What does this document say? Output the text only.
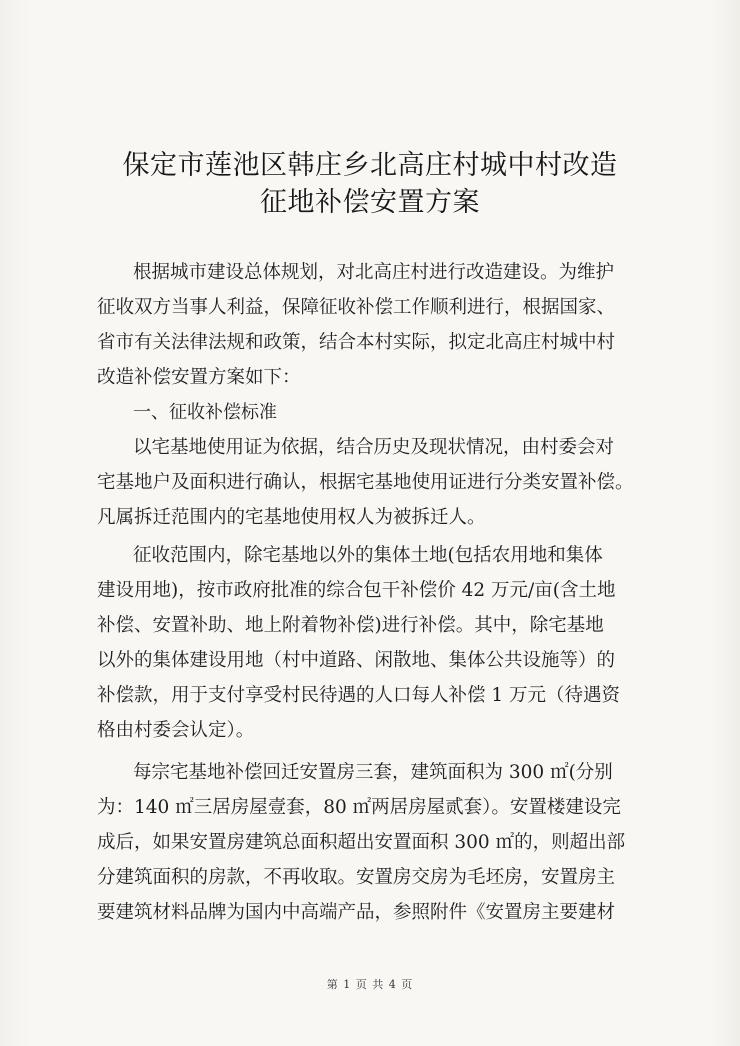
保定市莲池区韩庄乡北高庄村城中村改造
征地补偿安置方案
根据城市建设总体规划，对北高庄村进行改造建设。为维护
征收双方当事人利益，保障征收补偿工作顺利进行，根据国家、
省市有关法律法规和政策，结合本村实际，拟定北高庄村城中村
改造补偿安置方案如下：
一、征收补偿标准
以宅基地使用证为依据，结合历史及现状情况，由村委会对
宅基地户及面积进行确认，根据宅基地使用证进行分类安置补偿。
凡属拆迁范围内的宅基地使用权人为被拆迁人。
征收范围内，除宅基地以外的集体土地(包括农用地和集体
建设用地)，按市政府批准的综合包干补偿价 42 万元/亩(含土地
补偿、安置补助、地上附着物补偿)进行补偿。其中，除宅基地
以外的集体建设用地（村中道路、闲散地、集体公共设施等）的
补偿款，用于支付享受村民待遇的人口每人补偿 1 万元（待遇资
格由村委会认定）。
每宗宅基地补偿回迁安置房三套，建筑面积为 300 ㎡(分别
为：140 ㎡三居房屋壹套，80 ㎡两居房屋贰套）。安置楼建设完
成后，如果安置房建筑总面积超出安置面积 300 ㎡的，则超出部
分建筑面积的房款，不再收取。安置房交房为毛坯房，安置房主
要建筑材料品牌为国内中高端产品，参照附件《安置房主要建材
第 1 页 共 4 页
